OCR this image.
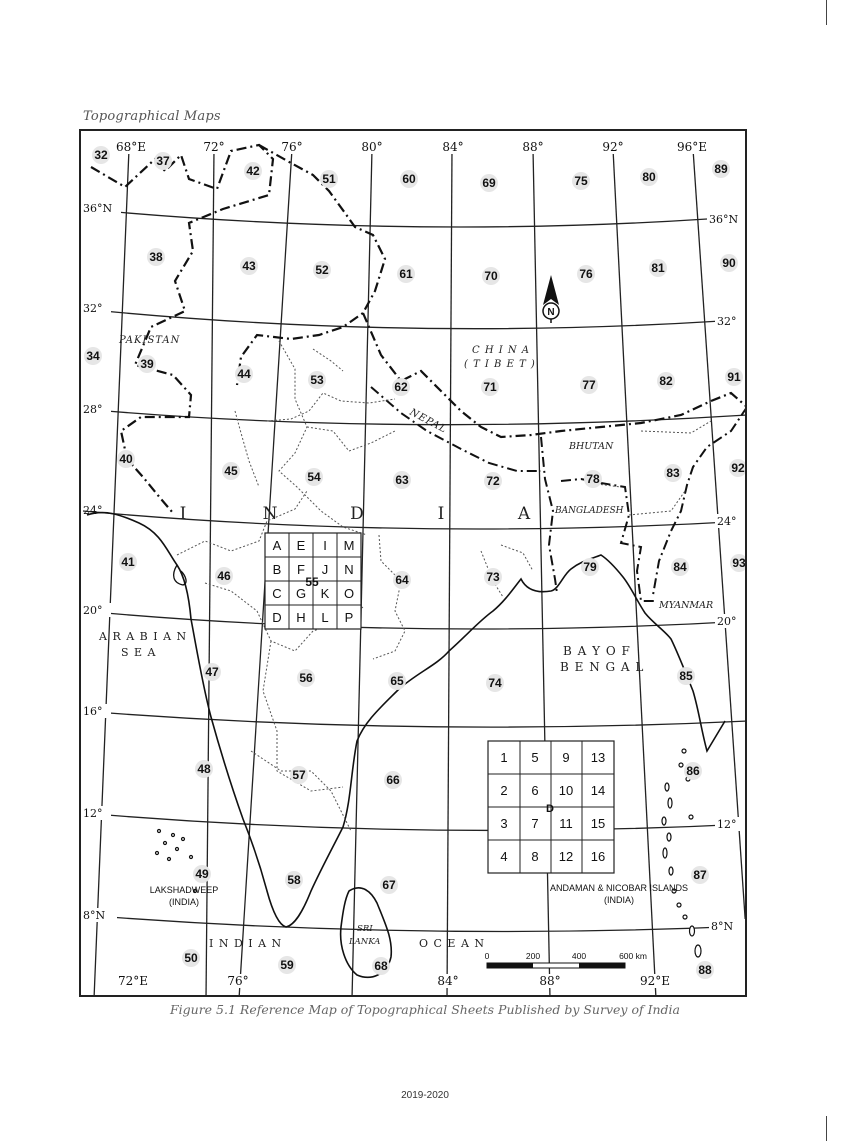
Topographical Maps
A E I M
B F J N
C G K O
D H L P
1 5 9 13
2 6 10 14
3 7 11 15
4 8 12 16
D
0	200	400	600 km
N
32	37
42
51	60	69	75	80
89
38
43	52	61	70	76	81	90
34
39
44	53	62	71	77	82	91
40
45	54	63	72	78	83	92
41
46	55	64	73
79	84	93
47	56	65	74	85
48	57	66
86
49	58	67
87
50	59	68	88
68°E	72°	76°	80°	84°	88°	92°	96°E
72°E	76°	84°	88°	92°E
36°N
32°
28°
20°
16°
12°
8°N
36°N
32°
24°
20°
12°
8°N
24°
PAKISTAN
C H I N A
( T I B E T )
NEPAL
BHUTAN
BANGLADESH
MYANMAR
A R A B I A N
S E A	B A Y O F
B E N G A L
I N D I A N	O C E A N
SRI
LANKA
LAKSHADWEEP
(INDIA)
ANDAMAN & NICOBAR ISLANDS
(INDIA)
I	N	D	I	A
Figure 5.1 Reference Map of Topographical Sheets Published by Survey of India
2019-2020
